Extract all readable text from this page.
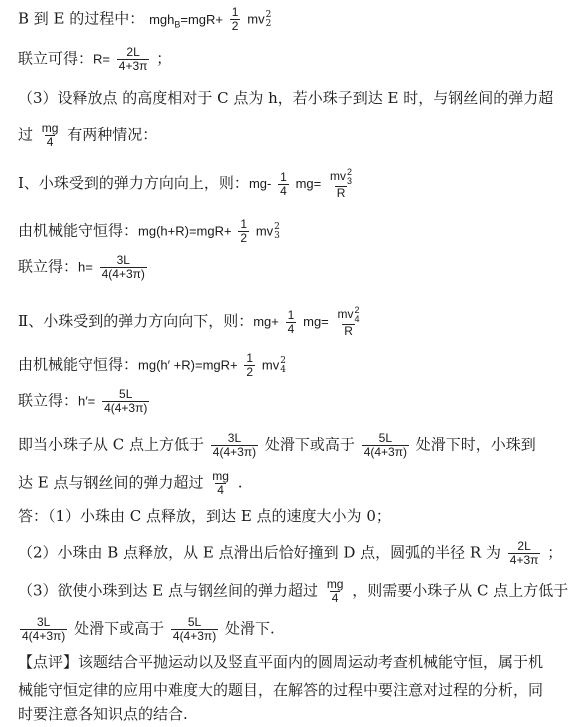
B 到 E 的过程中： $mgh_B=mgR+ \frac{1}{2}$ mv 2
2
联立可得：$R= \frac{2L}{4+3\pi}$ ；
（3）设释放点 的高度相对于 C 点为 h，若小珠子到达 E 时，与钢丝间的弹力超
过 $\frac{mg}{4}$ 有两种情况：
Ⅰ、小珠受到的弹力方向向上，则：$mg- \frac{1}{4} mg=$ mv 2
3
R
由机械能守恒得：$mg(h+R)=mgR+ \frac{1}{2}$ mv 2
3
联立得：$h= \frac{3L}{4(4+3\pi)}$
Ⅱ、小珠受到的弹力方向向下，则：$mg+ \frac{1}{4} mg=$ mv 2
4
R
由机械能守恒得：$mg(h' +R)=mgR+ \frac{1}{2}$ mv 2
4
联立得：$h'= \frac{5L}{4(4+3\pi)}$
即当小珠子从 C 点上方低于 $\frac{3L}{4(4+3\pi)}$ 处滑下或高于 $\frac{5L}{4(4+3\pi)}$ 处滑下时，小珠到
达 E 点与钢丝间的弹力超过 $\frac{mg}{4}$ .
答：（1）小珠由 C 点释放，到达 E 点的速度大小为 0；
（2）小珠由 B 点释放，从 E 点滑出后恰好撞到 D 点，圆弧的半径 R 为 $\frac{2L}{4+3\pi}$ ；
（3）欲使小珠到达 E 点与钢丝间的弹力超过 $\frac{mg}{4}$ ，则需要小珠子从 C 点上方低于
$\frac{3L}{4(4+3\pi)}$ 处滑下或高于 $\frac{5L}{4(4+3\pi)}$ 处滑下.
【点评】该题结合平抛运动以及竖直平面内的圆周运动考查机械能守恒，属于机
械能守恒定律的应用中难度大的题目，在解答的过程中要注意对过程的分析，同
时要注意各知识点的结合.
